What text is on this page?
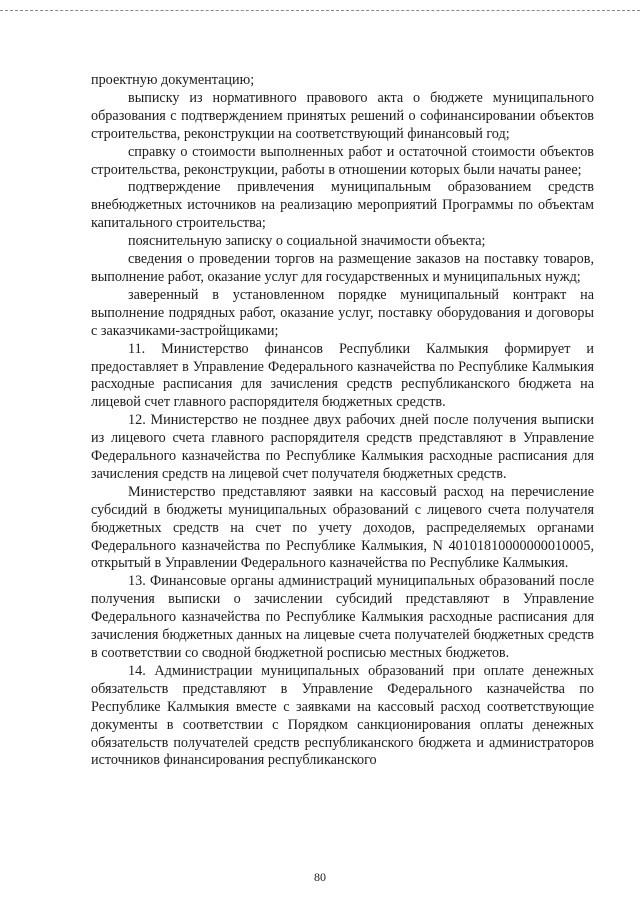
проектную документацию;

выписку из нормативного правового акта о бюджете муниципального образования с подтверждением принятых решений о софинансировании объектов строительства, реконструкции на соответствующий финансовый год;

справку о стоимости выполненных работ и остаточной стоимости объектов строительства, реконструкции, работы в отношении которых были начаты ранее;

подтверждение привлечения муниципальным образованием средств внебюджетных источников на реализацию мероприятий Программы по объектам капитального строительства;

пояснительную записку о социальной значимости объекта;

сведения о проведении торгов на размещение заказов на поставку товаров, выполнение работ, оказание услуг для государственных и муниципальных нужд;

заверенный в установленном порядке муниципальный контракт на выполнение подрядных работ, оказание услуг, поставку оборудования и договоры с заказчиками-застройщиками;

11. Министерство финансов Республики Калмыкия формирует и предоставляет в Управление Федерального казначейства по Республике Калмыкия расходные расписания для зачисления средств республиканского бюджета на лицевой счет главного распорядителя бюджетных средств.

12. Министерство не позднее двух рабочих дней после получения выписки из лицевого счета главного распорядителя средств представляют в Управление Федерального казначейства по Республике Калмыкия расходные расписания для зачисления средств на лицевой счет получателя бюджетных средств.

Министерство представляют заявки на кассовый расход на перечисление субсидий в бюджеты муниципальных образований с лицевого счета получателя бюджетных средств на счет по учету доходов, распределяемых органами Федерального казначейства по Республике Калмыкия, N 40101810000000010005, открытый в Управлении Федерального казначейства по Республике Калмыкия.

13. Финансовые органы администраций муниципальных образований после получения выписки о зачислении субсидий представляют в Управление Федерального казначейства по Республике Калмыкия расходные расписания для зачисления бюджетных данных на лицевые счета получателей бюджетных средств в соответствии со сводной бюджетной росписью местных бюджетов.

14. Администрации муниципальных образований при оплате денежных обязательств представляют в Управление Федерального казначейства по Республике Калмыкия вместе с заявками на кассовый расход соответствующие документы в соответствии с Порядком санкционирования оплаты денежных обязательств получателей средств республиканского бюджета и администраторов источников финансирования республиканского

80
